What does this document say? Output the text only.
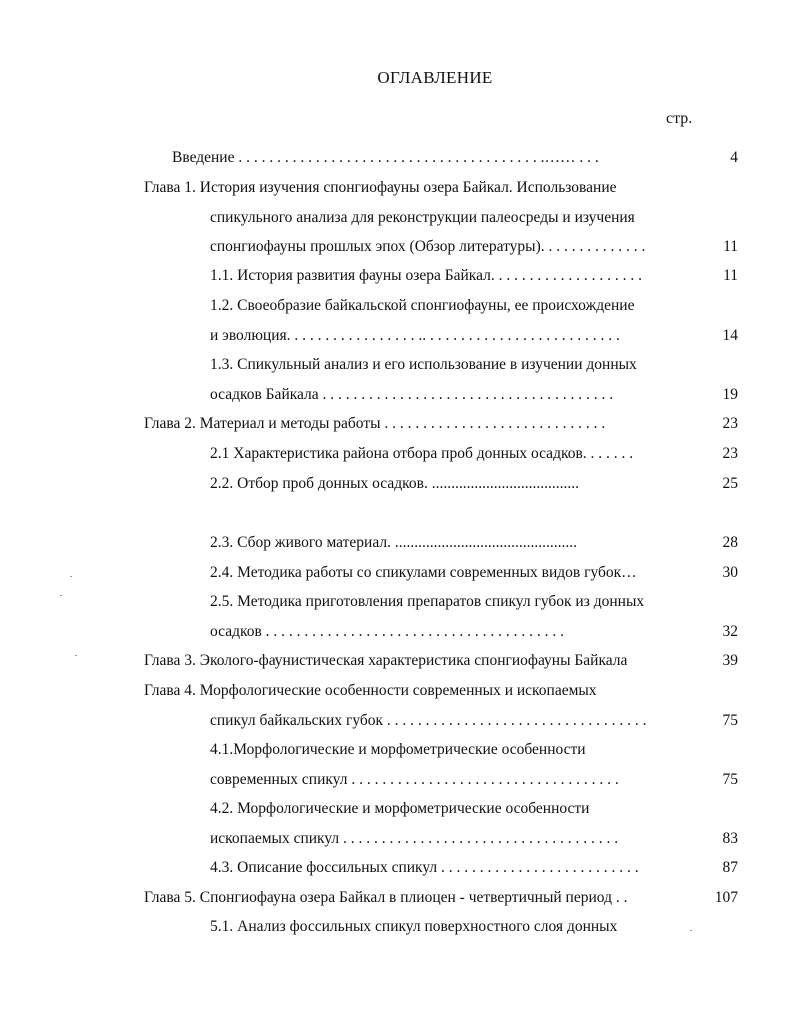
ОГЛАВЛЕНИЕ
стр.
Введение . . . . . . . . . . . . . . . . . . . . . . . . . . . . . . . . . . . . . . . .…… . . .	4
Глава 1. История изучения спонгиофауны озера Байкал. Использование
спикульного анализа для реконструкции палеосреды и изучения
спонгиофауны прошлых эпох (Обзор литературы). . . . . . . . . . . . . .	11
1.1. История развития фауны озера Байкал. . . . . . . . . . . . . . . . . . . .	11
1.2. Своеобразие байкальской спонгиофауны, ее происхождение
и эволюция. . . . . . . . . . . . . . . . . .. . . . . . . . . . . . . . . . . . . . . . . . . .	14
1.3. Спикульный анализ и его использование в изучении донных
осадков Байкала . . . . . . . . . . . . . . . . . . . . . . . . . . . . . . . . . . . . . .	19
Глава 2. Материал и методы работы . . . . . . . . . . . . . . . . . . . . . . . . . . . . .	23
2.1 Характеристика района отбора проб донных осадков. . . . . . .	23
2.2. Отбор проб донных осадков. ......................................	25
2.3. Сбор живого материал. ...............................................	28
2.4. Методика работы со спикулами современных видов губок…	30
2.5. Методика приготовления препаратов спикул губок из донных
осадков . . . . . . . . . . . . . . . . . . . . . . . . . . . . . . . . . . . . . . .	32
Глава 3. Эколого-фаунистическая характеристика спонгиофауны Байкала	39
Глава 4. Морфологические особенности современных и ископаемых
спикул байкальских губок . . . . . . . . . . . . . . . . . . . . . . . . . . . . . . . . . .	75
4.1.Морфологические и морфометрические особенности
современных спикул . . . . . . . . . . . . . . . . . . . . . . . . . . . . . . . . . . .	75
4.2. Морфологические и морфометрические особенности
ископаемых спикул . . . . . . . . . . . . . . . . . . . . . . . . . . . . . . . . . . . .	83
4.3. Описание фоссильных спикул . . . . . . . . . . . . . . . . . . . . . . . . . .	87
Глава 5. Спонгиофауна озера Байкал в плиоцен - четвертичный период . .	107
5.1. Анализ фоссильных спикул поверхностного слоя донных
